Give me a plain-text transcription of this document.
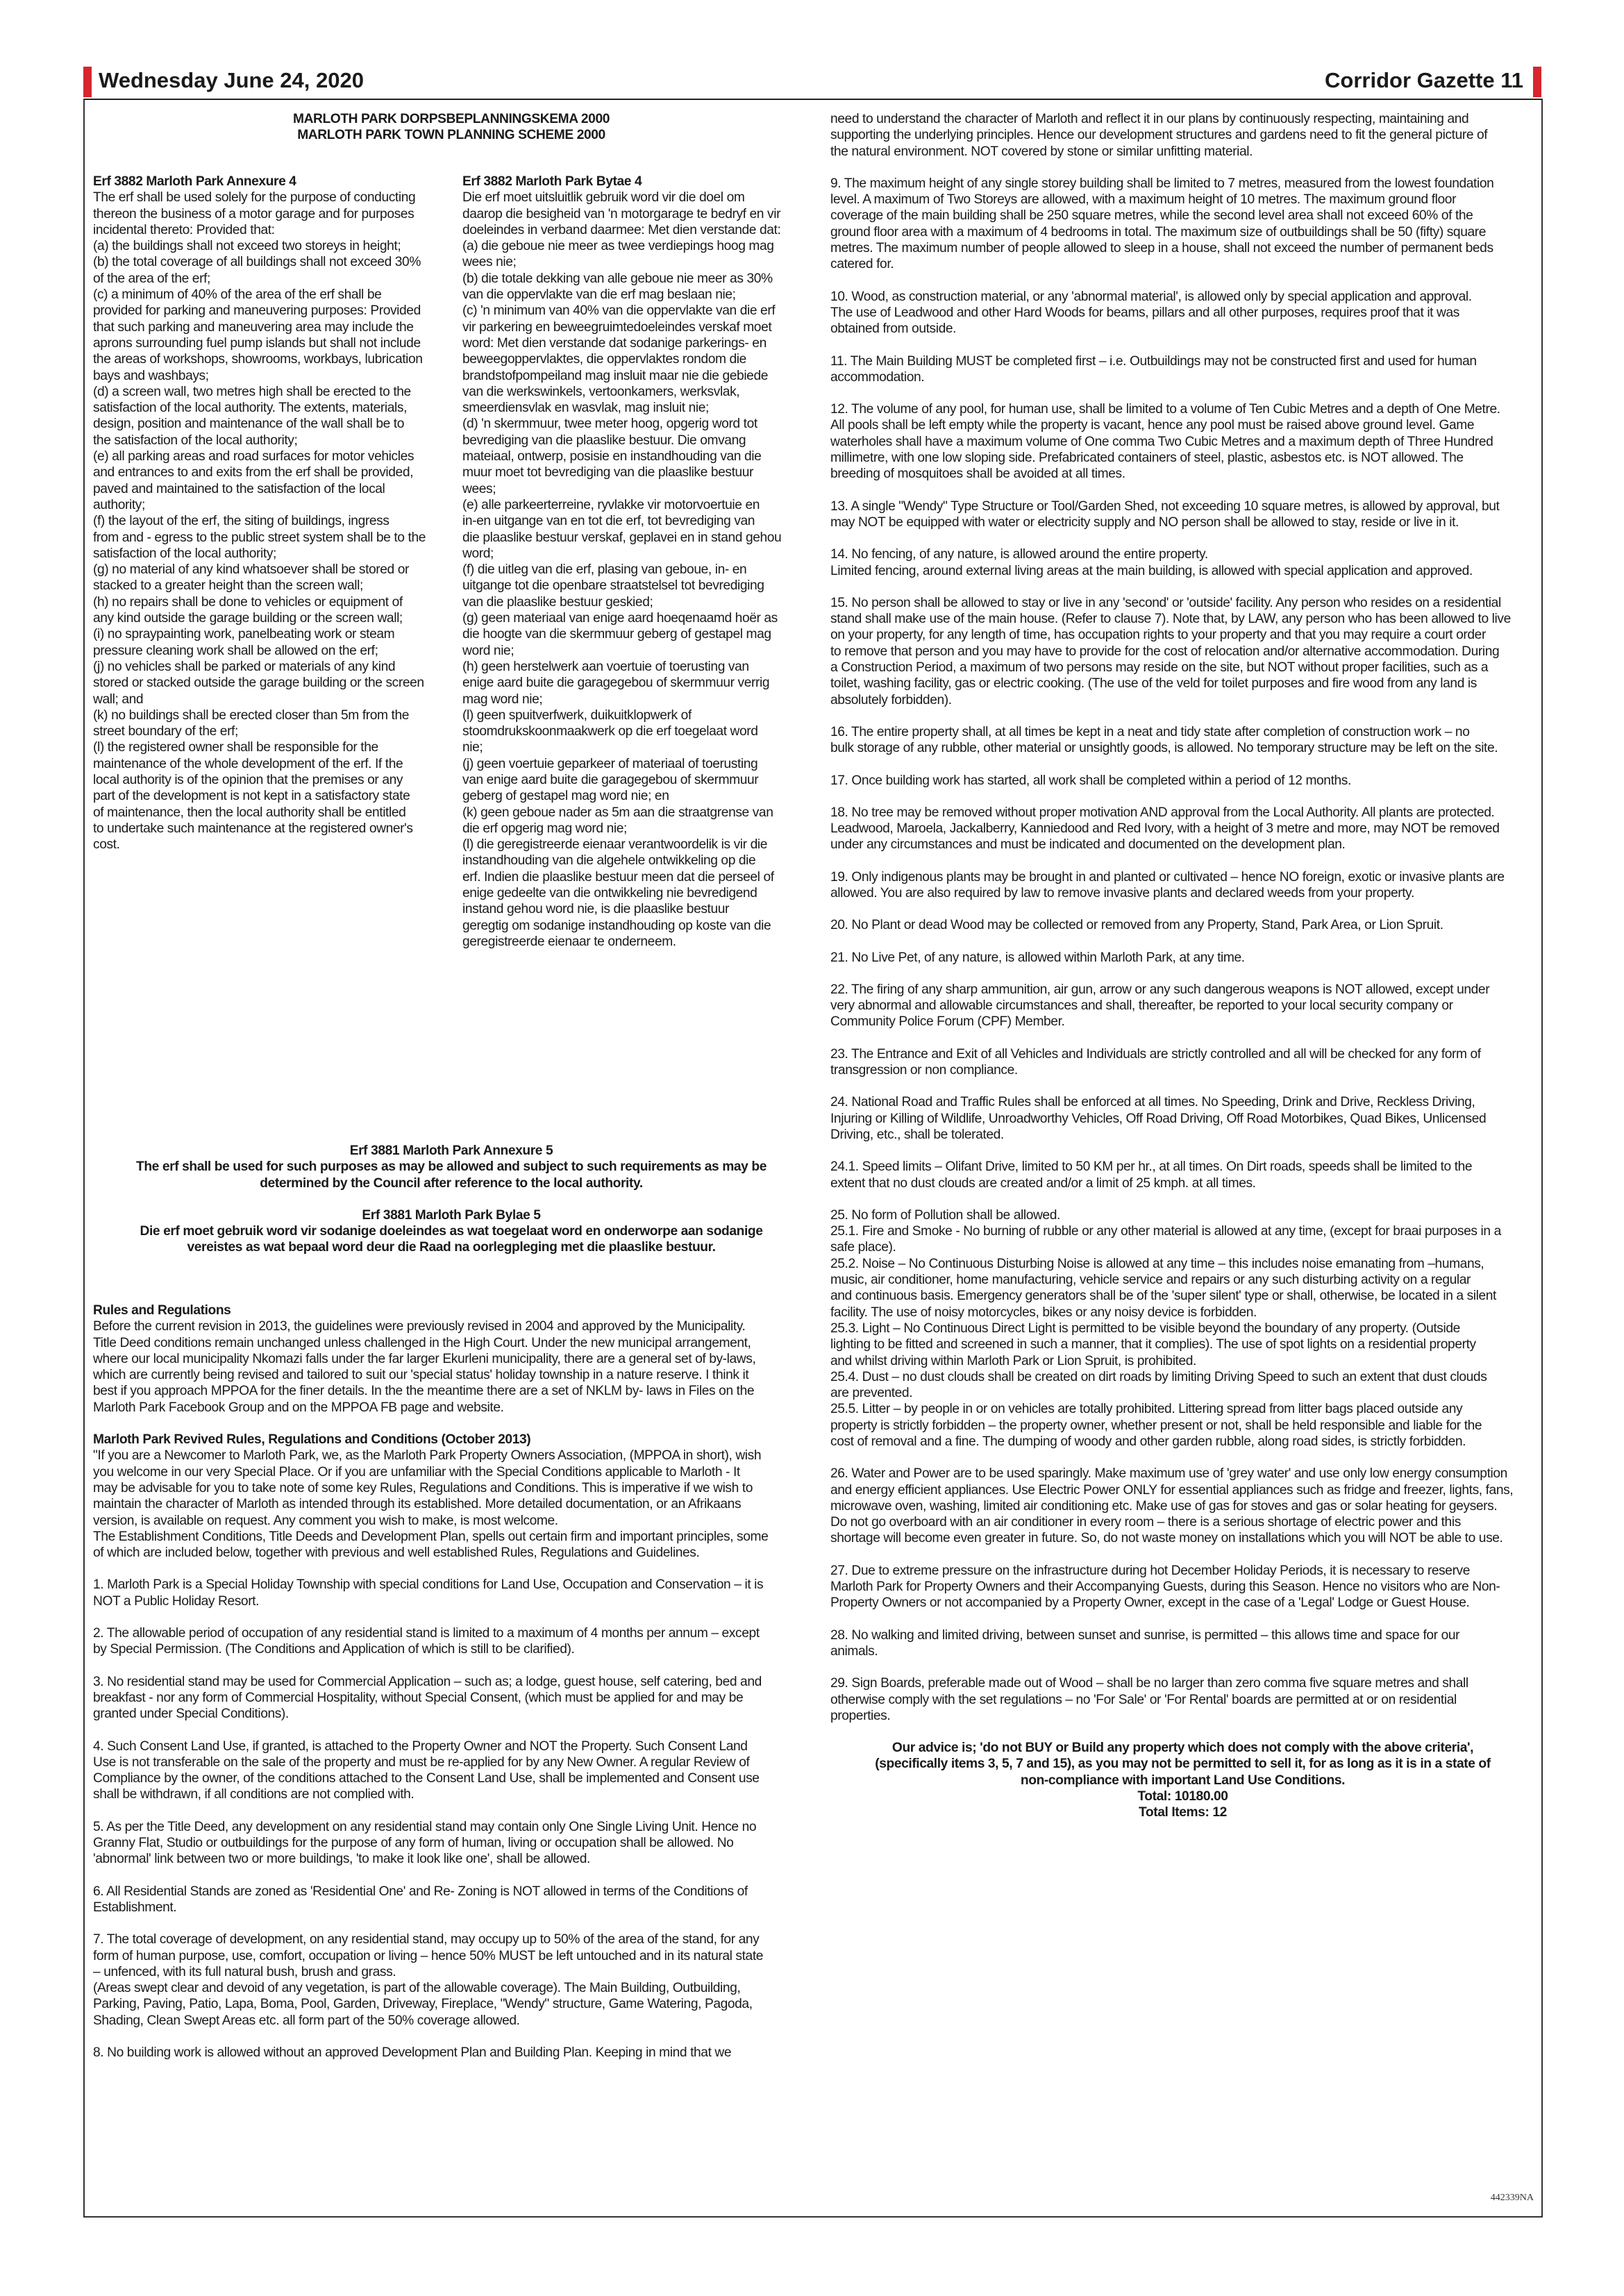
Wednesday June 24, 2020	Corridor Gazette 11

MARLOTH PARK DORPSBEPLANNINGSKEMA 2000

MARLOTH PARK TOWN PLANNING SCHEME 2000

Erf 3882 Marloth Park Annexure 4

The erf shall be used solely for the purpose of conducting

thereon the business of a motor garage and for purposes

incidental thereto: Provided that:

(a) the buildings shall not exceed two storeys in height;

(b) the total coverage of all buildings shall not exceed 30%

of the area of the erf;

(c) a minimum of 40% of the area of the erf shall be

provided for parking and maneuvering purposes: Provided

that such parking and maneuvering area may include the

aprons surrounding fuel pump islands but shall not include

the areas of workshops, showrooms, workbays, lubrication

bays and washbays;

(d) a screen wall, two metres high shall be erected to the

satisfaction of the local authority. The extents, materials,

design, position and maintenance of the wall shall be to

the satisfaction of the local authority;

(e) all parking areas and road surfaces for motor vehicles

and entrances to and exits from the erf shall be provided,

paved and maintained to the satisfaction of the local

authority;

(f) the layout of the erf, the siting of buildings, ingress

from and - egress to the public street system shall be to the

satisfaction of the local authority;

(g) no material of any kind whatsoever shall be stored or

stacked to a greater height than the screen wall;

(h) no repairs shall be done to vehicles or equipment of

any kind outside the garage building or the screen wall;

(i) no spraypainting work, panelbeating work or steam

pressure cleaning work shall be allowed on the erf;

(j) no vehicles shall be parked or materials of any kind

stored or stacked outside the garage building or the screen

wall; and

(k) no buildings shall be erected closer than 5m from the

street boundary of the erf;

(l) the registered owner shall be responsible for the

maintenance of the whole development of the erf. If the

local authority is of the opinion that the premises or any

part of the development is not kept in a satisfactory state

of maintenance, then the local authority shall be entitled

to undertake such maintenance at the registered owner's

cost.

Erf 3882 Marloth Park Bytae 4

Die erf moet uitsluitlik gebruik word vir die doel om

daarop die besigheid van 'n motorgarage te bedryf en vir

doeleindes in verband daarmee: Met dien verstande dat:

(a) die geboue nie meer as twee verdiepings hoog mag

wees nie;

(b) die totale dekking van alle geboue nie meer as 30%

van die oppervlakte van die erf mag beslaan nie;

(c) 'n minimum van 40% van die oppervlakte van die erf

vir parkering en beweegruimtedoeleindes verskaf moet

word: Met dien verstande dat sodanige parkerings- en

beweegoppervlaktes, die oppervlaktes rondom die

brandstofpompeiland mag insluit maar nie die gebiede

van die werkswinkels, vertoonkamers, werksvlak,

smeerdiensvlak en wasvlak, mag insluit nie;

(d) 'n skermmuur, twee meter hoog, opgerig word tot

bevrediging van die plaaslike bestuur. Die omvang

mateiaal, ontwerp, posisie en instandhouding van die

muur moet tot bevrediging van die plaaslike bestuur

wees;

(e) alle parkeerterreine, ryvlakke vir motorvoertuie en

in-en uitgange van en tot die erf, tot bevrediging van

die plaaslike bestuur verskaf, geplavei en in stand gehou

word;

(f) die uitleg van die erf, plasing van geboue, in- en

uitgange tot die openbare straatstelsel tot bevrediging

van die plaaslike bestuur geskied;

(g) geen materiaal van enige aard hoeqenaamd hoër as

die hoogte van die skermmuur geberg of gestapel mag

word nie;

(h) geen herstelwerk aan voertuie of toerusting van

enige aard buite die garagegebou of skermmuur verrig

mag word nie;

(l) geen spuitverfwerk, duikuitklopwerk of

stoomdrukskoonmaakwerk op die erf toegelaat word

nie;

(j) geen voertuie geparkeer of materiaal of toerusting

van enige aard buite die garagegebou of skermmuur

geberg of gestapel mag word nie; en

(k) geen geboue nader as 5m aan die straatgrense van

die erf opgerig mag word nie;

(l) die geregistreerde eienaar verantwoordelik is vir die

instandhouding van die algehele ontwikkeling op die

erf. Indien die plaaslike bestuur meen dat die perseel of

enige gedeelte van die ontwikkeling nie bevredigend

instand gehou word nie, is die plaaslike bestuur

geregtig om sodanige instandhouding op koste van die

geregistreerde eienaar te onderneem.

Erf 3881 Marloth Park Annexure 5

The erf shall be used for such purposes as may be allowed and subject to such requirements as may be

determined by the Council after reference to the local authority.

Erf 3881 Marloth Park Bylae 5

Die erf moet gebruik word vir sodanige doeleindes as wat toegelaat word en onderworpe aan sodanige

vereistes as wat bepaal word deur die Raad na oorlegpleging met die plaaslike bestuur.

Rules and Regulations

Before the current revision in 2013, the guidelines were previously revised in 2004 and approved by the Municipality.

Title Deed conditions remain unchanged unless challenged in the High Court. Under the new municipal arrangement,

where our local municipality Nkomazi falls under the far larger Ekurleni municipality, there are a general set of by-laws,

which are currently being revised and tailored to suit our 'special status' holiday township in a nature reserve. I think it

best if you approach MPPOA for the finer details. In the the meantime there are a set of NKLM by- laws in Files on the

Marloth Park Facebook Group and on the MPPOA FB page and website.

Marloth Park Revived Rules, Regulations and Conditions (October 2013)

"If you are a Newcomer to Marloth Park, we, as the Marloth Park Property Owners Association, (MPPOA in short), wish

you welcome in our very Special Place. Or if you are unfamiliar with the Special Conditions applicable to Marloth - It

may be advisable for you to take note of some key Rules, Regulations and Conditions. This is imperative if we wish to

maintain the character of Marloth as intended through its established. More detailed documentation, or an Afrikaans

version, is available on request. Any comment you wish to make, is most welcome.

The Establishment Conditions, Title Deeds and Development Plan, spells out certain firm and important principles, some

of which are included below, together with previous and well established Rules, Regulations and Guidelines.

1. Marloth Park is a Special Holiday Township with special conditions for Land Use, Occupation and Conservation – it is

NOT a Public Holiday Resort.

2. The allowable period of occupation of any residential stand is limited to a maximum of 4 months per annum – except

by Special Permission. (The Conditions and Application of which is still to be clarified).

3. No residential stand may be used for Commercial Application – such as; a lodge, guest house, self catering, bed and

breakfast - nor any form of Commercial Hospitality, without Special Consent, (which must be applied for and may be

granted under Special Conditions).

4. Such Consent Land Use, if granted, is attached to the Property Owner and NOT the Property. Such Consent Land

Use is not transferable on the sale of the property and must be re-applied for by any New Owner. A regular Review of

Compliance by the owner, of the conditions attached to the Consent Land Use, shall be implemented and Consent use

shall be withdrawn, if all conditions are not complied with.

5. As per the Title Deed, any development on any residential stand may contain only One Single Living Unit. Hence no

Granny Flat, Studio or outbuildings for the purpose of any form of human, living or occupation shall be allowed. No

'abnormal' link between two or more buildings, 'to make it look like one', shall be allowed.

6. All Residential Stands are zoned as 'Residential One' and Re- Zoning is NOT allowed in terms of the Conditions of

Establishment.

7. The total coverage of development, on any residential stand, may occupy up to 50% of the area of the stand, for any

form of human purpose, use, comfort, occupation or living – hence 50% MUST be left untouched and in its natural state

– unfenced, with its full natural bush, brush and grass.

(Areas swept clear and devoid of any vegetation, is part of the allowable coverage). The Main Building, Outbuilding,

Parking, Paving, Patio, Lapa, Boma, Pool, Garden, Driveway, Fireplace, "Wendy" structure, Game Watering, Pagoda,

Shading, Clean Swept Areas etc. all form part of the 50% coverage allowed.

8. No building work is allowed without an approved Development Plan and Building Plan. Keeping in mind that we

need to understand the character of Marloth and reflect it in our plans by continuously respecting, maintaining and

supporting the underlying principles. Hence our development structures and gardens need to fit the general picture of

the natural environment. NOT covered by stone or similar unfitting material.

9. The maximum height of any single storey building shall be limited to 7 metres, measured from the lowest foundation

level. A maximum of Two Storeys are allowed, with a maximum height of 10 metres. The maximum ground floor

coverage of the main building shall be 250 square metres, while the second level area shall not exceed 60% of the

ground floor area with a maximum of 4 bedrooms in total. The maximum size of outbuildings shall be 50 (fifty) square

metres. The maximum number of people allowed to sleep in a house, shall not exceed the number of permanent beds

catered for.

10. Wood, as construction material, or any 'abnormal material', is allowed only by special application and approval.

The use of Leadwood and other Hard Woods for beams, pillars and all other purposes, requires proof that it was

obtained from outside.

11. The Main Building MUST be completed first – i.e. Outbuildings may not be constructed first and used for human

accommodation.

12. The volume of any pool, for human use, shall be limited to a volume of Ten Cubic Metres and a depth of One Metre.

All pools shall be left empty while the property is vacant, hence any pool must be raised above ground level. Game

waterholes shall have a maximum volume of One comma Two Cubic Metres and a maximum depth of Three Hundred

millimetre, with one low sloping side. Prefabricated containers of steel, plastic, asbestos etc. is NOT allowed. The

breeding of mosquitoes shall be avoided at all times.

13. A single "Wendy" Type Structure or Tool/Garden Shed, not exceeding 10 square metres, is allowed by approval, but

may NOT be equipped with water or electricity supply and NO person shall be allowed to stay, reside or live in it.

14. No fencing, of any nature, is allowed around the entire property.

Limited fencing, around external living areas at the main building, is allowed with special application and approved.

15. No person shall be allowed to stay or live in any 'second' or 'outside' facility. Any person who resides on a residential

stand shall make use of the main house. (Refer to clause 7). Note that, by LAW, any person who has been allowed to live

on your property, for any length of time, has occupation rights to your property and that you may require a court order

to remove that person and you may have to provide for the cost of relocation and/or alternative accommodation. During

a Construction Period, a maximum of two persons may reside on the site, but NOT without proper facilities, such as a

toilet, washing facility, gas or electric cooking. (The use of the veld for toilet purposes and fire wood from any land is

absolutely forbidden).

16. The entire property shall, at all times be kept in a neat and tidy state after completion of construction work – no

bulk storage of any rubble, other material or unsightly goods, is allowed. No temporary structure may be left on the site.

17. Once building work has started, all work shall be completed within a period of 12 months.

18. No tree may be removed without proper motivation AND approval from the Local Authority. All plants are protected.

Leadwood, Maroela, Jackalberry, Kanniedood and Red Ivory, with a height of 3 metre and more, may NOT be removed

under any circumstances and must be indicated and documented on the development plan.

19. Only indigenous plants may be brought in and planted or cultivated – hence NO foreign, exotic or invasive plants are

allowed. You are also required by law to remove invasive plants and declared weeds from your property.

20. No Plant or dead Wood may be collected or removed from any Property, Stand, Park Area, or Lion Spruit.

21. No Live Pet, of any nature, is allowed within Marloth Park, at any time.

22. The firing of any sharp ammunition, air gun, arrow or any such dangerous weapons is NOT allowed, except under

very abnormal and allowable circumstances and shall, thereafter, be reported to your local security company or

Community Police Forum (CPF) Member.

23. The Entrance and Exit of all Vehicles and Individuals are strictly controlled and all will be checked for any form of

transgression or non compliance.

24. National Road and Traffic Rules shall be enforced at all times. No Speeding, Drink and Drive, Reckless Driving,

Injuring or Killing of Wildlife, Unroadworthy Vehicles, Off Road Driving, Off Road Motorbikes, Quad Bikes, Unlicensed

Driving, etc., shall be tolerated.

24.1. Speed limits – Olifant Drive, limited to 50 KM per hr., at all times. On Dirt roads, speeds shall be limited to the

extent that no dust clouds are created and/or a limit of 25 kmph. at all times.

25. No form of Pollution shall be allowed.

25.1. Fire and Smoke - No burning of rubble or any other material is allowed at any time, (except for braai purposes in a

safe place).

25.2. Noise – No Continuous Disturbing Noise is allowed at any time – this includes noise emanating from –humans,

music, air conditioner, home manufacturing, vehicle service and repairs or any such disturbing activity on a regular

and continuous basis. Emergency generators shall be of the 'super silent' type or shall, otherwise, be located in a silent

facility. The use of noisy motorcycles, bikes or any noisy device is forbidden.

25.3. Light – No Continuous Direct Light is permitted to be visible beyond the boundary of any property. (Outside

lighting to be fitted and screened in such a manner, that it complies). The use of spot lights on a residential property

and whilst driving within Marloth Park or Lion Spruit, is prohibited.

25.4. Dust – no dust clouds shall be created on dirt roads by limiting Driving Speed to such an extent that dust clouds

are prevented.

25.5. Litter – by people in or on vehicles are totally prohibited. Littering spread from litter bags placed outside any

property is strictly forbidden – the property owner, whether present or not, shall be held responsible and liable for the

cost of removal and a fine. The dumping of woody and other garden rubble, along road sides, is strictly forbidden.

26. Water and Power are to be used sparingly. Make maximum use of 'grey water' and use only low energy consumption

and energy efficient appliances. Use Electric Power ONLY for essential appliances such as fridge and freezer, lights, fans,

microwave oven, washing, limited air conditioning etc. Make use of gas for stoves and gas or solar heating for geysers.

Do not go overboard with an air conditioner in every room – there is a serious shortage of electric power and this

shortage will become even greater in future. So, do not waste money on installations which you will NOT be able to use.

27. Due to extreme pressure on the infrastructure during hot December Holiday Periods, it is necessary to reserve

Marloth Park for Property Owners and their Accompanying Guests, during this Season. Hence no visitors who are Non-

Property Owners or not accompanied by a Property Owner, except in the case of a 'Legal' Lodge or Guest House.

28. No walking and limited driving, between sunset and sunrise, is permitted – this allows time and space for our

animals.

29. Sign Boards, preferable made out of Wood – shall be no larger than zero comma five square metres and shall

otherwise comply with the set regulations – no 'For Sale' or 'For Rental' boards are permitted at or on residential

properties.

Our advice is; 'do not BUY or Build any property which does not comply with the above criteria',

(specifically items 3, 5, 7 and 15), as you may not be permitted to sell it, for as long as it is in a state of

non-compliance with important Land Use Conditions.

Total: 10180.00

Total Items: 12

442339NA
